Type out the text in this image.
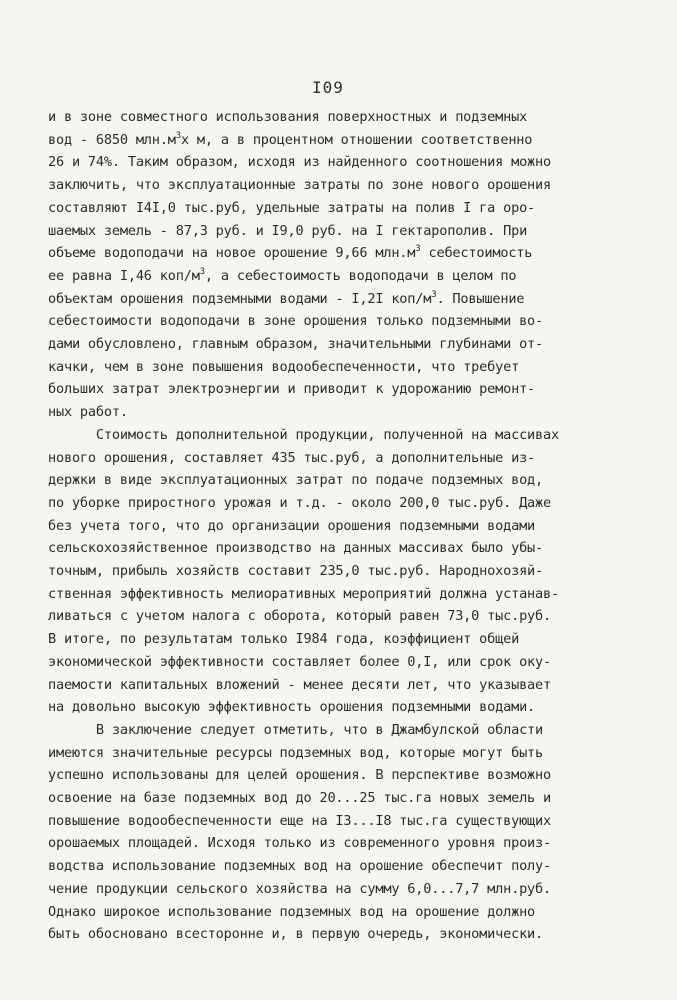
I09
и в зоне совместного использования поверхностных и подземных
вод - 6850 $млн.м^3х$ м, а в процентном отношении соответственно
26 и 74%. Таким образом, исходя из найденного соотношения можно
заключить, что эксплуатационные затраты по зоне нового орошения
составляют I4I,0 тыс.руб, удельные затраты на полив I га оро-
шаемых земель - 87,3 руб. и I9,0 руб. на I гектарополив. При
объеме водоподачи на новое орошение 9,66 $млн.м^3$ себестоимость
ее равна I,46 коп/$м^3$, а себестоимость водоподачи в целом по
объектам орошения подземными водами - I,2I коп/$м^3$. Повышение
себестоимости водоподачи в зоне орошения только подземными во-
дами обусловлено, главным образом, значительными глубинами от-
качки, чем в зоне повышения водообеспеченности, что требует
больших затрат электроэнергии и приводит к удорожанию ремонт-
ных работ.
Стоимость дополнительной продукции, полученной на массивах
нового орошения, составляет 435 тыс.руб, а дополнительные из-
держки в виде эксплуатационных затрат по подаче подземных вод,
по уборке прироcтного урожая и т.д. - около 200,0 тыс.руб. Даже
без учета того, что до организации орошения подземными водами
сельскохозяйственное производство на данных массивах было убы-
точным, прибыль хозяйств составит 235,0 тыс.руб. Народнохозяй-
ственная эффективность мелиоративных мероприятий должна устанав-
ливаться с учетом налога с оборота, который равен 73,0 тыс.руб.
В итоге, по результатам только I984 года, коэффициент общей
экономической эффективности составляет более 0,I, или срок оку-
паемости капитальных вложений - менее десяти лет, что указывает
на довольно высокую эффективность орошения подземными водами.
В заключение следует отметить, что в Джамбулской области
имеются значительные ресурсы подземных вод, которые могут быть
успешно использованы для целей орошения. В перспективе возможно
освоение на базе подземных вод до 20...25 тыс.га новых земель и
повышение водообеспеченности еще на I3...I8 тыс.га существующих
орошаемых площадей. Исходя только из современного уровня произ-
водства использование подземных вод на орошение обеспечит полу-
чение продукции сельского хозяйства на сумму 6,0...7,7 млн.руб.
Однако широкое использование подземных вод на орошение должно
быть обосновано всесторонне и, в первую очередь, экономически.
